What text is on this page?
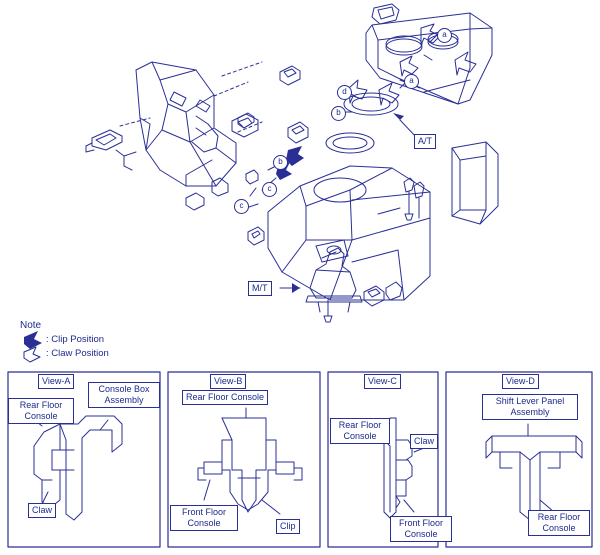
a
a
d
b
b
c
c
A/T
M/T
Note
: Clip Position
: Claw Position
View-A
Rear Floor Console
Console Box Assembly
Claw
View-B
Rear Floor Console
Front Floor Console	Clip
View-C
Rear Floor Console	Claw
Front Floor Console
View-D
Shift Lever Panel Assembly
Rear Floor Console
